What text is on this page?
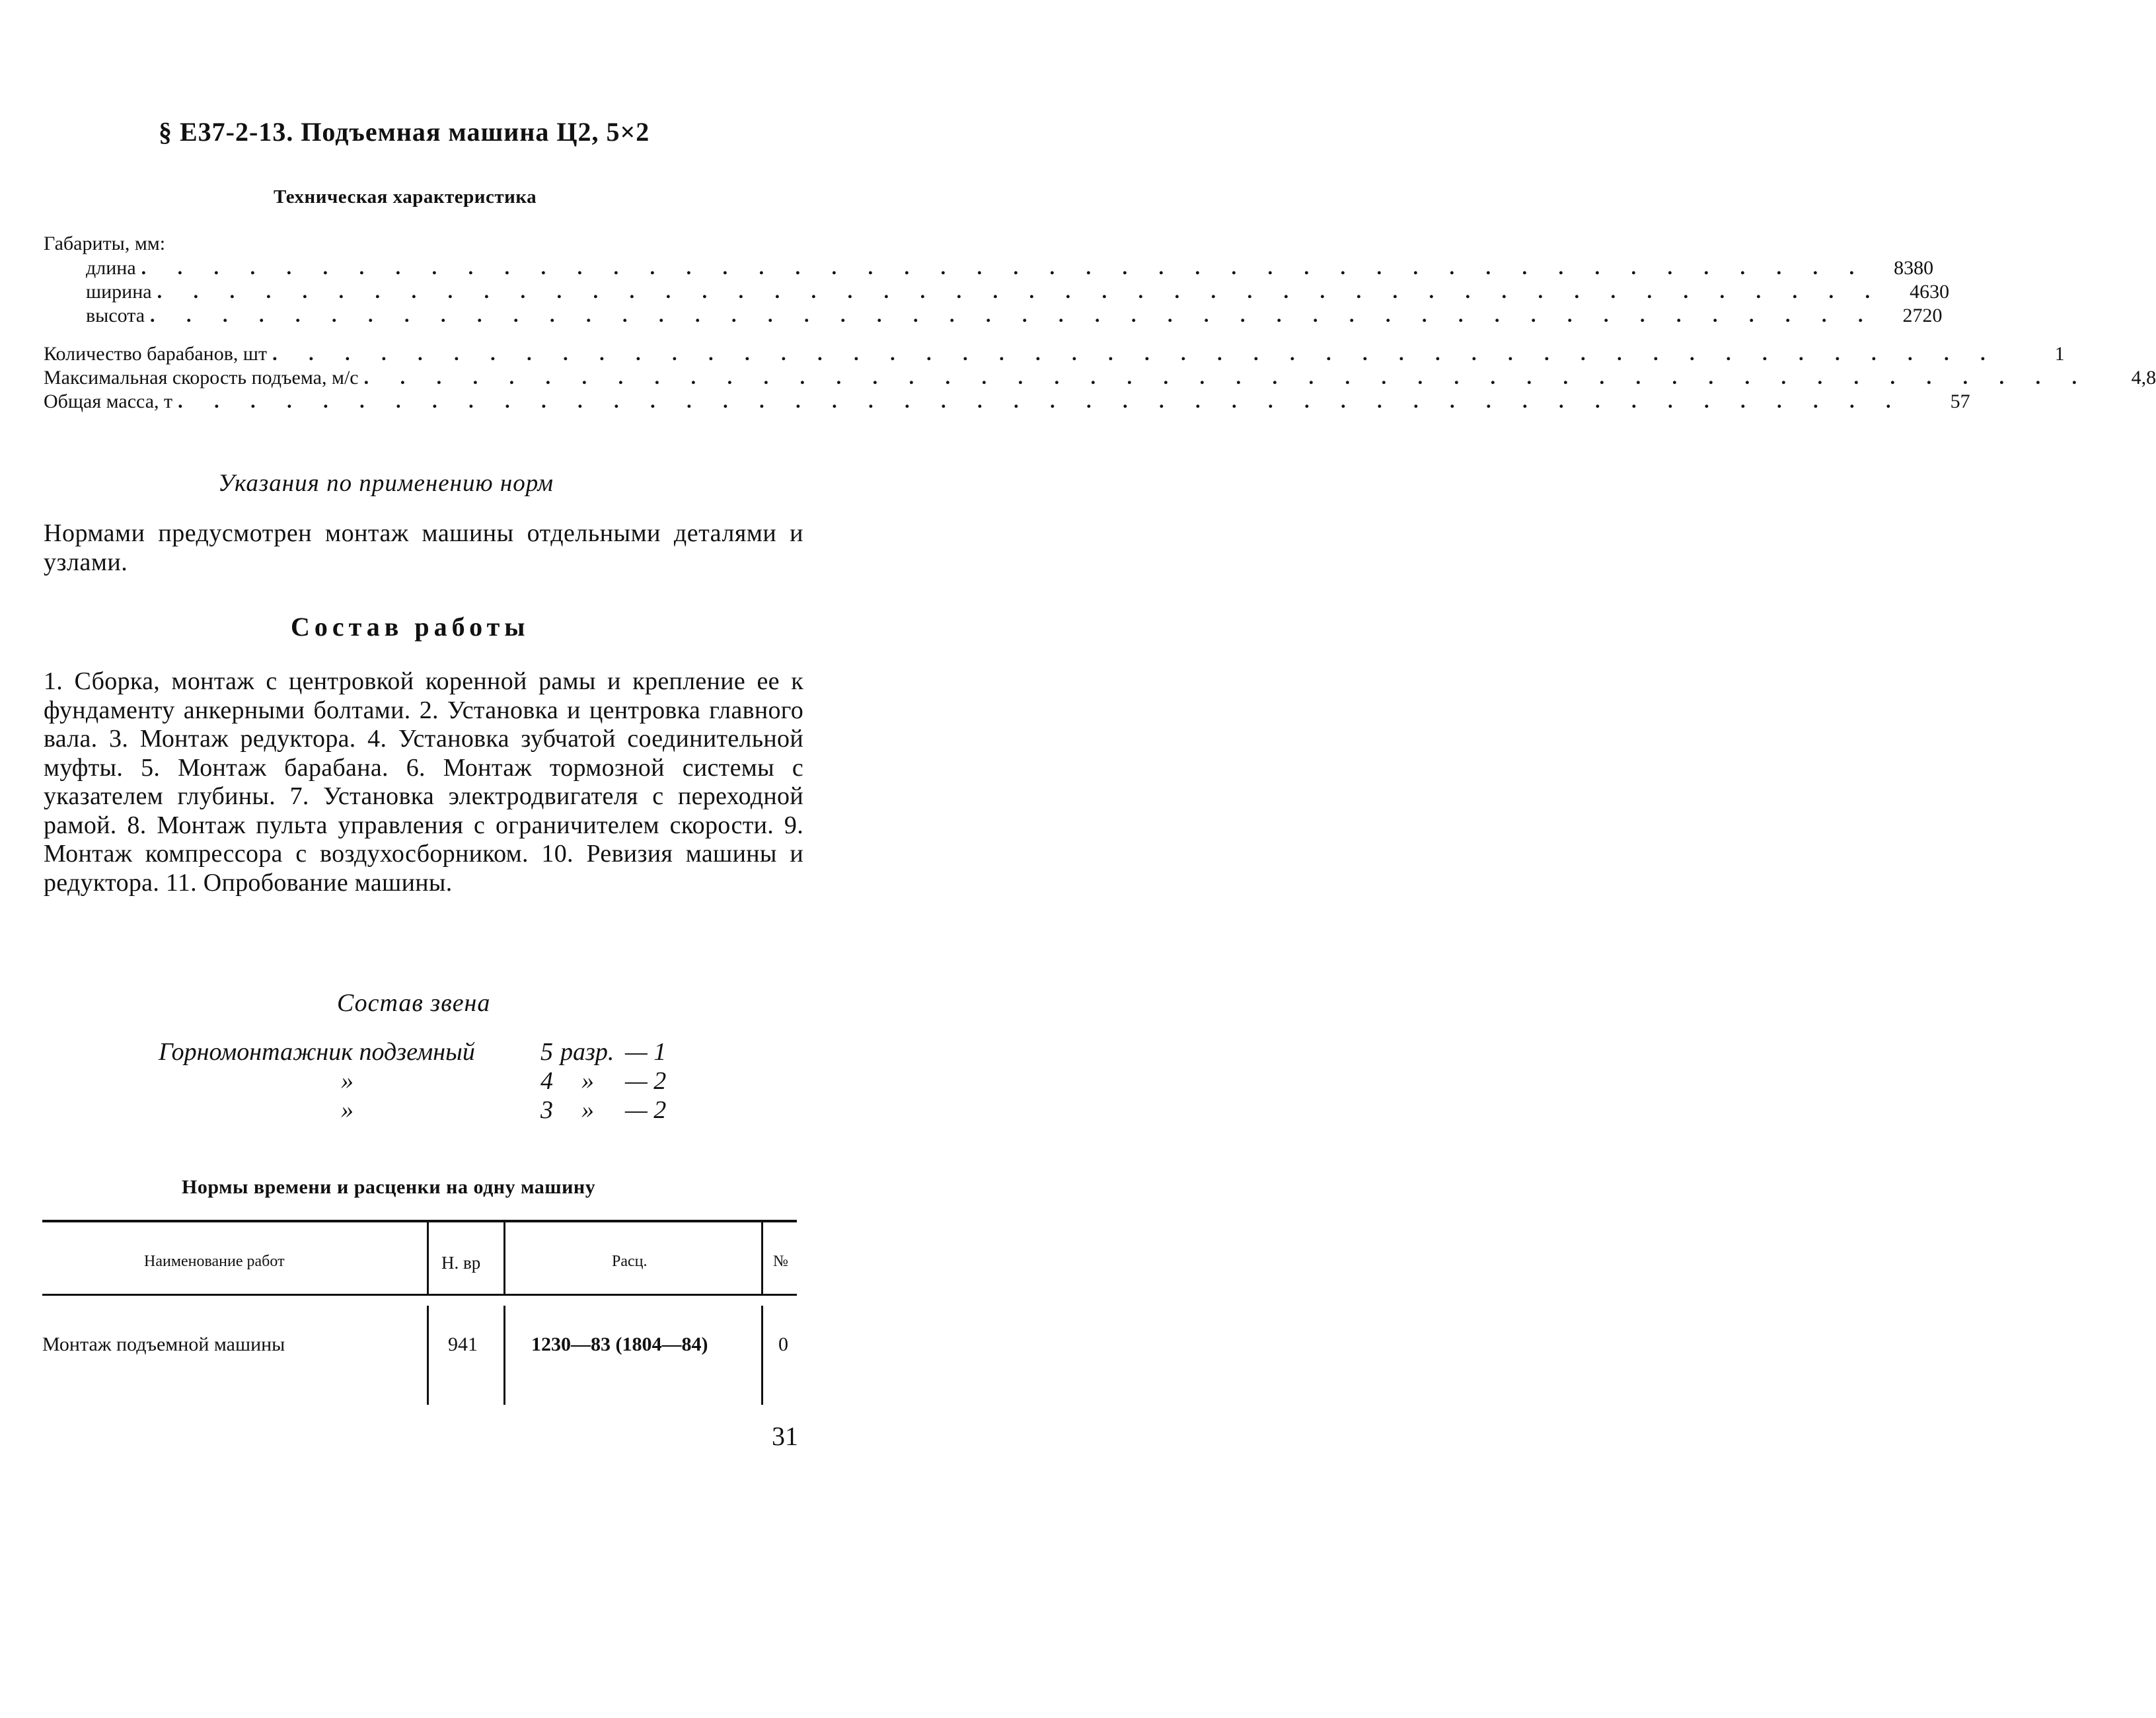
§ Е37-2-13. Подъемная машина Ц2, 5×2
Техническая характеристика
Габариты, мм:
длина . . . . . . . . . . . . . . . . . . . . . . . . . . . . . . . . . . . . . . . . . . . . . . . .	8380
ширина . . . . . . . . . . . . . . . . . . . . . . . . . . . . . . . . . . . . . . . . . . . . . . . .	4630
высота . . . . . . . . . . . . . . . . . . . . . . . . . . . . . . . . . . . . . . . . . . . . . . . .	2720
Количество барабанов, шт . . . . . . . . . . . . . . . . . . . . . . . . . . . . . . . . . . . . . . . . . . . . . . . .	1
Максимальная скорость подъема, м/с . . . . . . . . . . . . . . . . . . . . . . . . . . . . . . . . . . . . . . . . . . . . . . . .	4,8
Общая масса, т . . . . . . . . . . . . . . . . . . . . . . . . . . . . . . . . . . . . . . . . . . . . . . . .	57
Указания по применению норм
Нормами предусмотрен монтаж машины отдельными деталями и узлами.
Состав работы
1. Сборка, монтаж с центровкой коренной рамы и крепление ее к фундаменту анкерными болтами. 2. Установка и центровка главного вала. 3. Монтаж редуктора. 4. Установка зубчатой соединительной муфты. 5. Монтаж барабана. 6. Монтаж тормозной системы с указателем глубины. 7. Установка электродвигателя с переходной рамой. 8. Монтаж пульта управления с ограничителем скорости. 9. Монтаж компрессора с воздухосборником. 10. Ревизия машины и редуктора. 11. Опробование машины.
Состав звена
Горномонтажник подземный	5 разр. — 1
»	4 » — 2
»	3 » — 2
Нормы времени и расценки на одну машину
Наименование работ	Н. вр	Расц.	№
Монтаж подъемной машины	941	1230—83 (1804—84)	0
31
